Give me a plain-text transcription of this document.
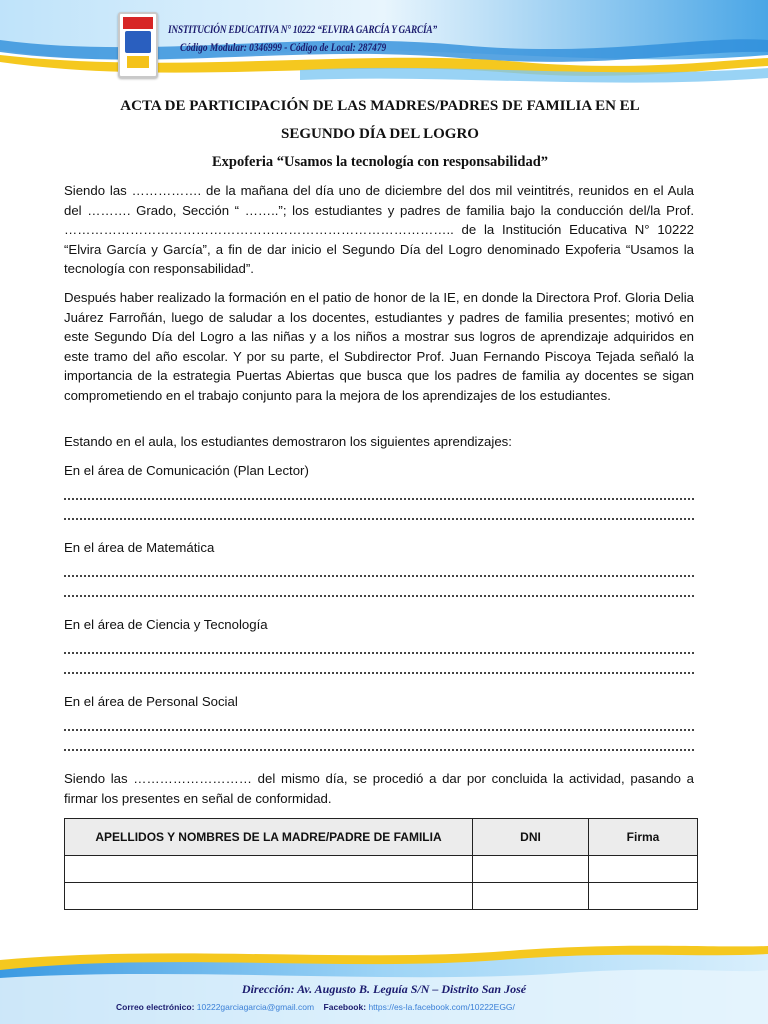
INSTITUCIÓN EDUCATIVA N° 10222 “ELVIRA GARCÍA Y GARCÍA”
Código Modular: 0346999 - Código de Local: 287479
ACTA DE PARTICIPACIÓN DE LAS MADRES/PADRES DE FAMILIA EN EL
SEGUNDO DÍA DEL LOGRO
Expoferia “Usamos la tecnología con responsabilidad”
Siendo las ……………. de la mañana del día uno de diciembre del dos mil veintitrés, reunidos en el Aula del ………. Grado, Sección “ ……..”; los estudiantes y padres de familia bajo la conducción del/la Prof. …………………………………………………………………………….. de la Institución Educativa N° 10222 “Elvira García y García”, a fin de dar inicio el Segundo Día del Logro denominado Expoferia “Usamos la tecnología con responsabilidad”.
Después haber realizado la formación en el patio de honor de la IE, en donde la Directora Prof. Gloria Delia Juárez Farroñán, luego de saludar a los docentes, estudiantes y padres de familia presentes; motivó en este Segundo Día del Logro a las niñas y a los niños a mostrar sus logros de aprendizaje adquiridos en este tramo del año escolar. Y por su parte, el Subdirector Prof. Juan Fernando Piscoya Tejada señaló la importancia de la estrategia Puertas Abiertas que busca que los padres de familia ay docentes se sigan comprometiendo en el trabajo conjunto para la mejora de los aprendizajes de los estudiantes.
Estando en el aula, los estudiantes demostraron los siguientes aprendizajes:
En el área de Comunicación (Plan Lector)
En el área de Matemática
En el área de Ciencia y Tecnología
En el área de Personal Social
Siendo las ……………………… del mismo día, se procedió a dar por concluida la actividad, pasando a firmar los presentes en señal de conformidad.
APELLIDOS Y NOMBRES DE LA MADRE/PADRE DE FAMILIA	DNI	Firma

Dirección: Av. Augusto B. Leguía S/N – Distrito San José
Correo electrónico: 10222garciagarcia@gmail.com Facebook: https://es-la.facebook.com/10222EGG/
